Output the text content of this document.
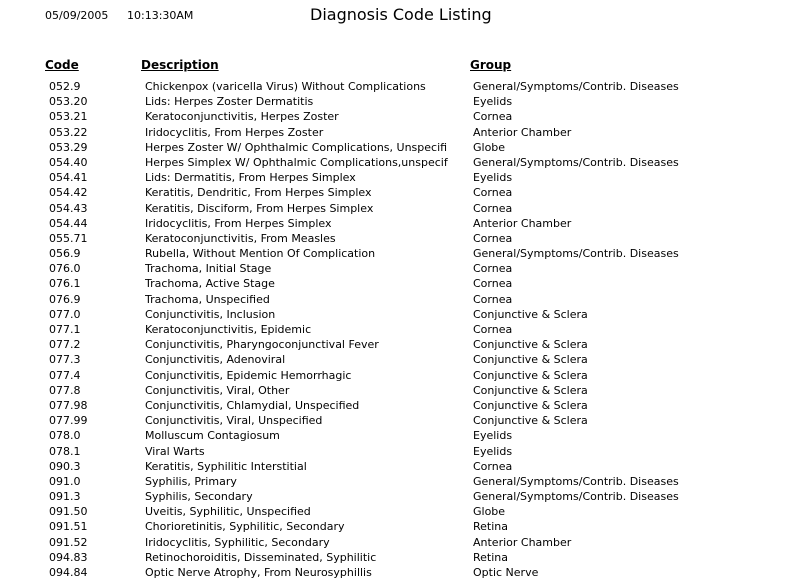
05/09/2005 10:13:30AM	Diagnosis Code Listing
Code	Description	Group
052.9	Chickenpox (varicella Virus) Without Complications	General/Symptoms/Contrib. Diseases
053.20	Lids: Herpes Zoster Dermatitis	Eyelids
053.21	Keratoconjunctivitis, Herpes Zoster	Cornea
053.22	Iridocyclitis, From Herpes Zoster	Anterior Chamber
053.29	Herpes Zoster W/ Ophthalmic Complications, Unspecifi	Globe
054.40	Herpes Simplex W/ Ophthalmic Complications,unspecif	General/Symptoms/Contrib. Diseases
054.41	Lids: Dermatitis, From Herpes Simplex	Eyelids
054.42	Keratitis, Dendritic, From Herpes Simplex	Cornea
054.43	Keratitis, Disciform, From Herpes Simplex	Cornea
054.44	Iridocyclitis, From Herpes Simplex	Anterior Chamber
055.71	Keratoconjunctivitis, From Measles	Cornea
056.9	Rubella, Without Mention Of Complication	General/Symptoms/Contrib. Diseases
076.0	Trachoma, Initial Stage	Cornea
076.1	Trachoma, Active Stage	Cornea
076.9	Trachoma, Unspecified	Cornea
077.0	Conjunctivitis, Inclusion	Conjunctive & Sclera
077.1	Keratoconjunctivitis, Epidemic	Cornea
077.2	Conjunctivitis, Pharyngoconjunctival Fever	Conjunctive & Sclera
077.3	Conjunctivitis, Adenoviral	Conjunctive & Sclera
077.4	Conjunctivitis, Epidemic Hemorrhagic	Conjunctive & Sclera
077.8	Conjunctivitis, Viral, Other	Conjunctive & Sclera
077.98	Conjunctivitis, Chlamydial, Unspecified	Conjunctive & Sclera
077.99	Conjunctivitis, Viral, Unspecified	Conjunctive & Sclera
078.0	Molluscum Contagiosum	Eyelids
078.1	Viral Warts	Eyelids
090.3	Keratitis, Syphilitic Interstitial	Cornea
091.0	Syphilis, Primary	General/Symptoms/Contrib. Diseases
091.3	Syphilis, Secondary	General/Symptoms/Contrib. Diseases
091.50	Uveitis, Syphilitic, Unspecified	Globe
091.51	Chorioretinitis, Syphilitic, Secondary	Retina
091.52	Iridocyclitis, Syphilitic, Secondary	Anterior Chamber
094.83	Retinochoroiditis, Disseminated, Syphilitic	Retina
094.84	Optic Nerve Atrophy, From Neurosyphillis	Optic Nerve
